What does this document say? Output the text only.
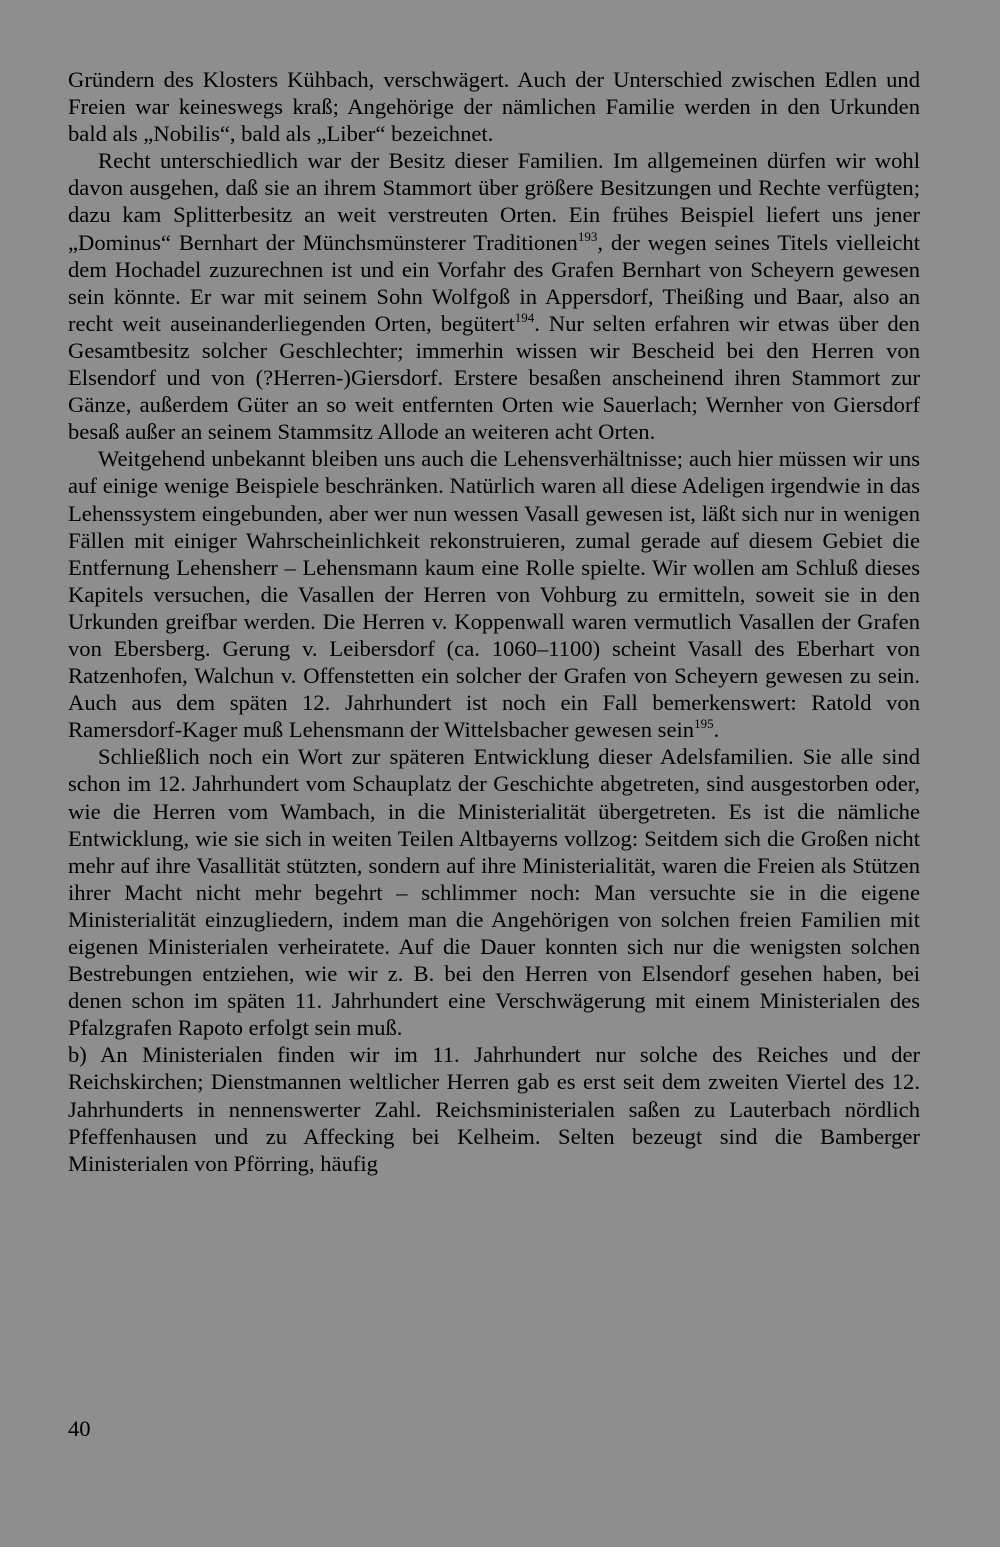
Gründern des Klosters Kühbach, verschwägert. Auch der Unterschied zwischen Edlen und Freien war keineswegs kraß; Angehörige der nämlichen Familie werden in den Urkunden bald als „Nobilis“, bald als „Liber“ bezeichnet.

Recht unterschiedlich war der Besitz dieser Familien. Im allgemeinen dürfen wir wohl davon ausgehen, daß sie an ihrem Stammort über größere Besitzungen und Rechte verfügten; dazu kam Splitterbesitz an weit verstreuten Orten. Ein frühes Beispiel liefert uns jener „Dominus“ Bernhart der Münchsmünsterer Traditionen$^{193}$, der wegen seines Titels vielleicht dem Hochadel zuzurechnen ist und ein Vorfahr des Grafen Bernhart von Scheyern gewesen sein könnte. Er war mit seinem Sohn Wolfgoß in Appersdorf, Theißing und Baar, also an recht weit auseinanderliegenden Orten, begütert$^{194}$. Nur selten erfahren wir etwas über den Gesamtbesitz solcher Geschlechter; immerhin wissen wir Bescheid bei den Herren von Elsendorf und von (?Herren-)Giersdorf. Erstere besaßen anscheinend ihren Stammort zur Gänze, außerdem Güter an so weit entfernten Orten wie Sauerlach; Wernher von Giersdorf besaß außer an seinem Stammsitz Allode an weiteren acht Orten.

Weitgehend unbekannt bleiben uns auch die Lehensverhältnisse; auch hier müssen wir uns auf einige wenige Beispiele beschränken. Natürlich waren all diese Adeligen irgendwie in das Lehenssystem eingebunden, aber wer nun wessen Vasall gewesen ist, läßt sich nur in wenigen Fällen mit einiger Wahrscheinlichkeit rekonstruieren, zumal gerade auf diesem Gebiet die Entfernung Lehensherr – Lehensmann kaum eine Rolle spielte. Wir wollen am Schluß dieses Kapitels versuchen, die Vasallen der Herren von Vohburg zu ermitteln, soweit sie in den Urkunden greifbar werden. Die Herren v. Koppenwall waren vermutlich Vasallen der Grafen von Ebersberg. Gerung v. Leibersdorf (ca. 1060–1100) scheint Vasall des Eberhart von Ratzenhofen, Walchun v. Offenstetten ein solcher der Grafen von Scheyern gewesen zu sein. Auch aus dem späten 12. Jahrhundert ist noch ein Fall bemerkenswert: Ratold von Ramersdorf-Kager muß Lehensmann der Wittelsbacher gewesen sein$^{195}$.

Schließlich noch ein Wort zur späteren Entwicklung dieser Adelsfamilien. Sie alle sind schon im 12. Jahrhundert vom Schauplatz der Geschichte abgetreten, sind ausgestorben oder, wie die Herren vom Wambach, in die Ministerialität übergetreten. Es ist die nämliche Entwicklung, wie sie sich in weiten Teilen Altbayerns vollzog: Seitdem sich die Großen nicht mehr auf ihre Vasallität stützten, sondern auf ihre Ministerialität, waren die Freien als Stützen ihrer Macht nicht mehr begehrt – schlimmer noch: Man versuchte sie in die eigene Ministerialität einzugliedern, indem man die Angehörigen von solchen freien Familien mit eigenen Ministerialen verheiratete. Auf die Dauer konnten sich nur die wenigsten solchen Bestrebungen entziehen, wie wir z. B. bei den Herren von Elsendorf gesehen haben, bei denen schon im späten 11. Jahrhundert eine Verschwägerung mit einem Ministerialen des Pfalzgrafen Rapoto erfolgt sein muß.

b) An Ministerialen finden wir im 11. Jahrhundert nur solche des Reiches und der Reichskirchen; Dienstmannen weltlicher Herren gab es erst seit dem zweiten Viertel des 12. Jahrhunderts in nennenswerter Zahl. Reichsministerialen saßen zu Lauterbach nördlich Pfeffenhausen und zu Affecking bei Kelheim. Selten bezeugt sind die Bamberger Ministerialen von Pförring, häufig

40
